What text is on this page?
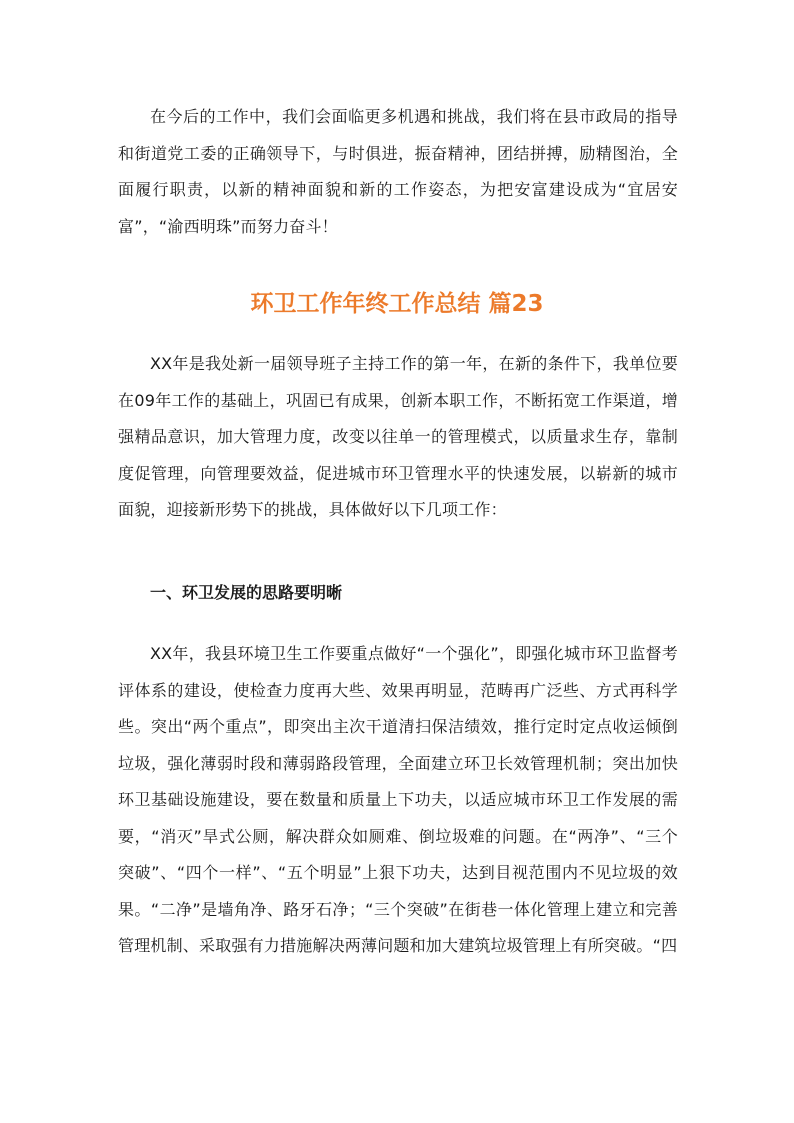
在今后的工作中，我们会面临更多机遇和挑战，我们将在县市政局的指导和街道党工委的正确领导下，与时俱进，振奋精神，团结拼搏，励精图治，全面履行职责，以新的精神面貌和新的工作姿态，为把安富建设成为“宜居安富”，“渝西明珠”而努力奋斗！

环卫工作年终工作总结 篇23

XX年是我处新一届领导班子主持工作的第一年，在新的条件下，我单位要在09年工作的基础上，巩固已有成果，创新本职工作，不断拓宽工作渠道，增强精品意识，加大管理力度，改变以往单一的管理模式，以质量求生存，靠制度促管理，向管理要效益，促进城市环卫管理水平的快速发展，以崭新的城市面貌，迎接新形势下的挑战，具体做好以下几项工作：

一、环卫发展的思路要明晰

XX年，我县环境卫生工作要重点做好“一个强化”，即强化城市环卫监督考评体系的建设，使检查力度再大些、效果再明显，范畴再广泛些、方式再科学些。突出“两个重点”，即突出主次干道清扫保洁绩效，推行定时定点收运倾倒垃圾，强化薄弱时段和薄弱路段管理，全面建立环卫长效管理机制；突出加快环卫基础设施建设，要在数量和质量上下功夫，以适应城市环卫工作发展的需要，“消灭”旱式公厕，解决群众如厕难、倒垃圾难的问题。在“两净”、“三个突破”、“四个一样”、“五个明显”上狠下功夫，达到目视范围内不见垃圾的效果。“二净”是墙角净、路牙石净；“三个突破”在街巷一体化管理上建立和完善管理机制、采取强有力措施解决两薄问题和加大建筑垃圾管理上有所突破。“四
